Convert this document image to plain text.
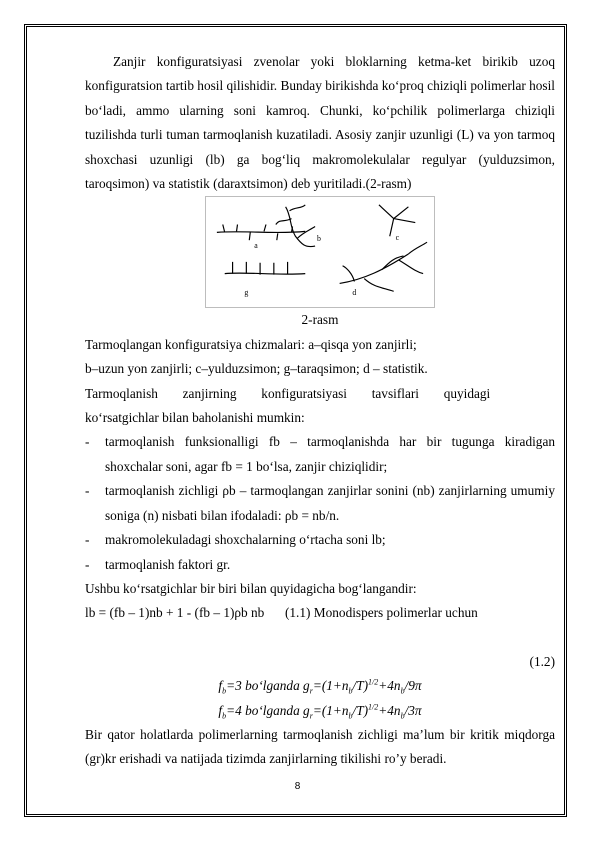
Zanjir konfiguratsiyasi zvenolar yoki bloklarning ketma-ket birikib uzoq konfiguratsion tartib hosil qilishidir. Bunday birikishda ko‘proq chiziqli polimerlar hosil bo‘ladi, ammo ularning soni kamroq. Chunki, ko‘pchilik polimerlarga chiziqli tuzilishda turli tuman tarmoqlanish kuzatiladi. Asosiy zanjir uzunligi (L) va yon tarmoq shoxchasi uzunligi (lb) ga bog‘liq makromolekulalar regulyar (yulduzsimon, taroqsimon) va statistik (daraxtsimon) deb yuritiladi.(2-rasm)

a
b	c
g	d

2-rasm

Tarmoqlangan konfiguratsiya chizmalari: a–qisqa yon zanjirli;

b–uzun yon zanjirli; c–yulduzsimon; g–taraqsimon; d – statistik.

Tarmoqlanish zanjirning konfiguratsiyasi tavsiflari quyidagi

ko‘rsatgichlar bilan baholanishi mumkin:

-	tarmoqlanish funksionalligi fb – tarmoqlanishda har bir tugunga kiradigan shoxchalar soni, agar fb = 1 bo‘lsa, zanjir chiziqlidir;

-	tarmoqlanish zichligi ρb – tarmoqlangan zanjirlar sonini (nb) zanjirlarning umumiy soniga (n) nisbati bilan ifodaladi: ρb = nb/n.

-	makromolekuladagi shoxchalarning o‘rtacha soni lb;

-	tarmoqlanish faktori gr.

Ushbu ko‘rsatgichlar bir biri bilan quyidagicha bog‘langandir:

lb = (fb – 1)nb + 1 - (fb – 1)ρb nb (1.1) Monodispers polimerlar uchun

(1.2)

$f_b=3$ bo‘lganda $g_r=(1+n_b/T)^{1/2}+4n_b/9\pi$

$f_b=4$ bo‘lganda $g_r=(1+n_b/T)^{1/2}+4n_b/3\pi$

Bir qator holatlarda polimerlarning tarmoqlanish zichligi ma’lum bir kritik miqdorga (gr)kr erishadi va natijada tizimda zanjirlarning tikilishi ro’y beradi.

8
